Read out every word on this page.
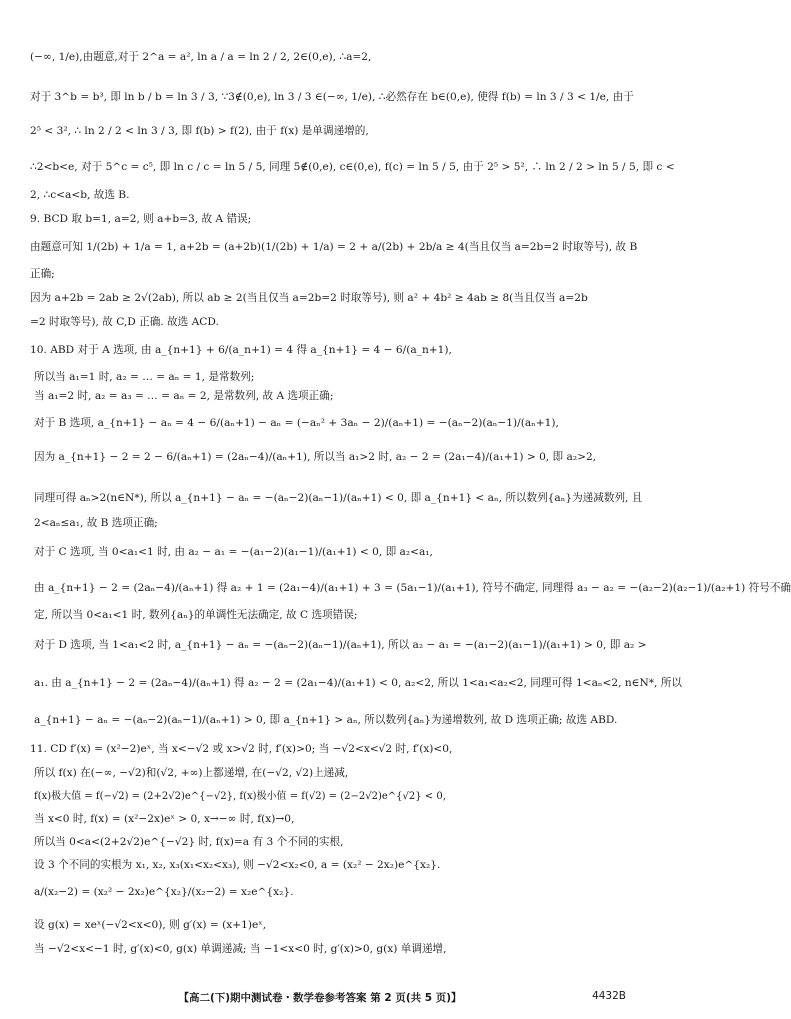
(−∞, 1/e),由题意,对于 2^a = a², ln a / a = ln 2 / 2, 2∈(0,e), ∴a=2,
对于 3^b = b³, 即 ln b / b = ln 3 / 3, ∵3∉(0,e), ln 3 / 3 ∈(−∞, 1/e), ∴必然存在 b∈(0,e), 使得 f(b) = ln 3 / 3 < 1/e, 由于
2⁵ < 3², ∴ ln 2 / 2 < ln 3 / 3, 即 f(b) > f(2), 由于 f(x) 是单调递增的,
∴2<b<e, 对于 5^c = c⁵, 即 ln c / c = ln 5 / 5, 同理 5∉(0,e), c∈(0,e), f(c) = ln 5 / 5, 由于 2⁵ > 5², ∴ ln 2 / 2 > ln 5 / 5, 即 c <
2, ∴c<a<b, 故选 B.
9. BCD 取 b=1, a=2, 则 a+b=3, 故 A 错误;
由题意可知 1/(2b) + 1/a = 1, a+2b = (a+2b)(1/(2b) + 1/a) = 2 + a/(2b) + 2b/a ≥ 4(当且仅当 a=2b=2 时取等号), 故 B
正确;
因为 a+2b = 2ab ≥ 2√(2ab), 所以 ab ≥ 2(当且仅当 a=2b=2 时取等号), 则 a² + 4b² ≥ 4ab ≥ 8(当且仅当 a=2b
=2 时取等号), 故 C,D 正确. 故选 ACD.
10. ABD 对于 A 选项, 由 a_{n+1} + 6/(a_n+1) = 4 得 a_{n+1} = 4 − 6/(a_n+1),
所以当 a₁=1 时, a₂ = … = aₙ = 1, 是常数列;
当 a₁=2 时, a₂ = a₃ = … = aₙ = 2, 是常数列, 故 A 选项正确;
对于 B 选项, a_{n+1} − aₙ = 4 − 6/(aₙ+1) − aₙ = (−aₙ² + 3aₙ − 2)/(aₙ+1) = −(aₙ−2)(aₙ−1)/(aₙ+1),
因为 a_{n+1} − 2 = 2 − 6/(aₙ+1) = (2aₙ−4)/(aₙ+1), 所以当 a₁>2 时, a₂ − 2 = (2a₁−4)/(a₁+1) > 0, 即 a₂>2,
同理可得 aₙ>2(n∈N*), 所以 a_{n+1} − aₙ = −(aₙ−2)(aₙ−1)/(aₙ+1) < 0, 即 a_{n+1} < aₙ, 所以数列{aₙ}为递减数列, 且
2<aₙ≤a₁, 故 B 选项正确;
对于 C 选项, 当 0<a₁<1 时, 由 a₂ − a₁ = −(a₁−2)(a₁−1)/(a₁+1) < 0, 即 a₂<a₁,
由 a_{n+1} − 2 = (2aₙ−4)/(aₙ+1) 得 a₂ + 1 = (2a₁−4)/(a₁+1) + 3 = (5a₁−1)/(a₁+1), 符号不确定, 同理得 a₃ − a₂ = −(a₂−2)(a₂−1)/(a₂+1) 符号不确
定, 所以当 0<a₁<1 时, 数列{aₙ}的单调性无法确定, 故 C 选项错误;
对于 D 选项, 当 1<a₁<2 时, a_{n+1} − aₙ = −(aₙ−2)(aₙ−1)/(aₙ+1), 所以 a₂ − a₁ = −(a₁−2)(a₁−1)/(a₁+1) > 0, 即 a₂ >
a₁. 由 a_{n+1} − 2 = (2aₙ−4)/(aₙ+1) 得 a₂ − 2 = (2a₁−4)/(a₁+1) < 0, a₂<2, 所以 1<a₁<a₂<2, 同理可得 1<aₙ<2, n∈N*, 所以
a_{n+1} − aₙ = −(aₙ−2)(aₙ−1)/(aₙ+1) > 0, 即 a_{n+1} > aₙ, 所以数列{aₙ}为递增数列, 故 D 选项正确; 故选 ABD.
11. CD f′(x) = (x²−2)eˣ, 当 x<−√2 或 x>√2 时, f′(x)>0; 当 −√2<x<√2 时, f′(x)<0,
所以 f(x) 在(−∞, −√2)和(√2, +∞)上都递增, 在(−√2, √2)上递减,
f(x)极大值 = f(−√2) = (2+2√2)e^{−√2}, f(x)极小值 = f(√2) = (2−2√2)e^{√2} < 0,
当 x<0 时, f(x) = (x²−2x)eˣ > 0, x→−∞ 时, f(x)→0,
所以当 0<a<(2+2√2)e^{−√2} 时, f(x)=a 有 3 个不同的实根,
设 3 个不同的实根为 x₁, x₂, x₃(x₁<x₂<x₃), 则 −√2<x₂<0, a = (x₂² − 2x₂)e^{x₂}.
a/(x₂−2) = (x₂² − 2x₂)e^{x₂}/(x₂−2) = x₂e^{x₂}.
设 g(x) = xeˣ(−√2<x<0), 则 g′(x) = (x+1)eˣ,
当 −√2<x<−1 时, g′(x)<0, g(x) 单调递减; 当 −1<x<0 时, g′(x)>0, g(x) 单调递增,
【高二(下)期中测试卷・数学卷参考答案 第 2 页(共 5 页)】	4432B
